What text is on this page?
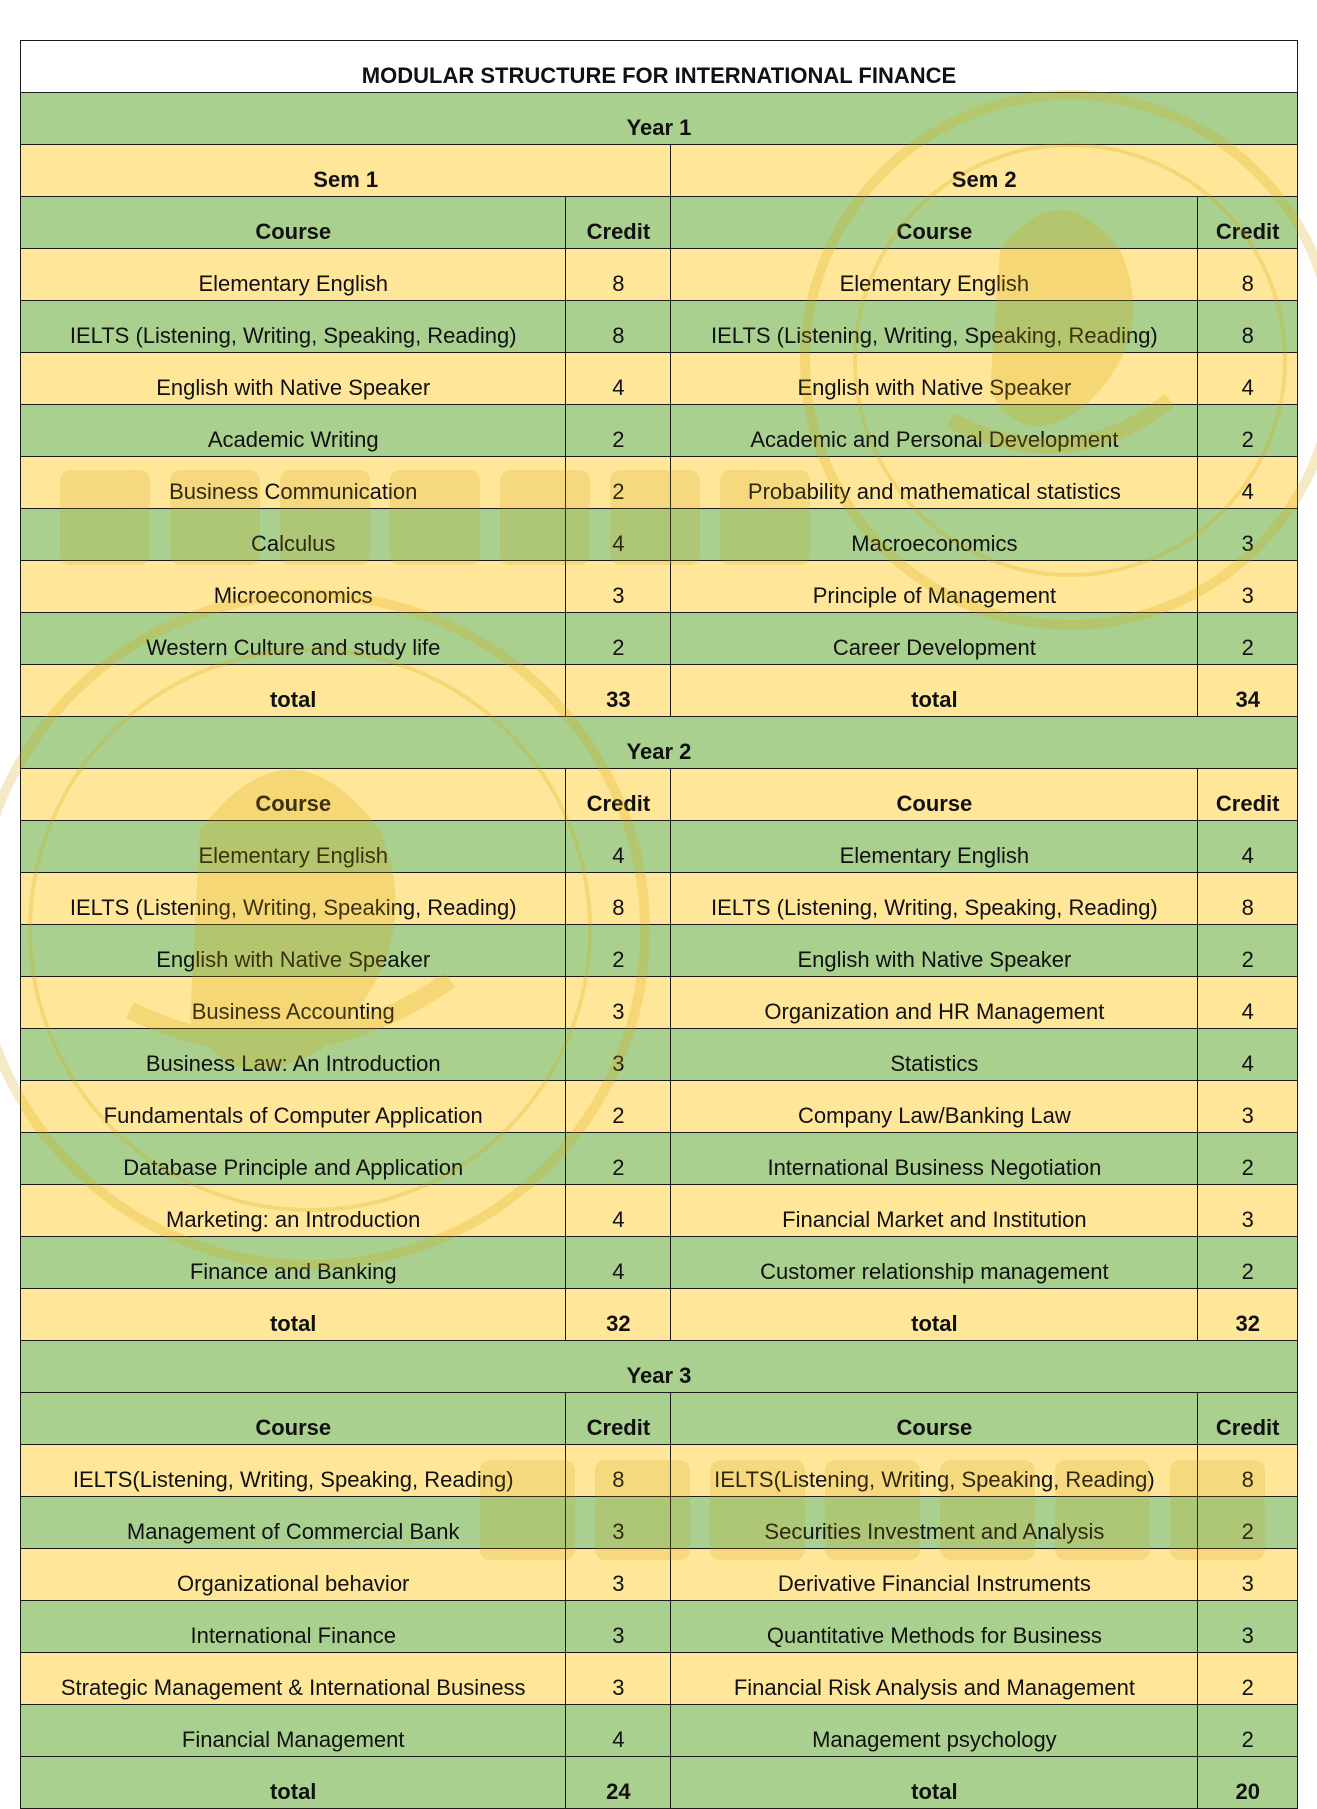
MODULAR STRUCTURE FOR INTERNATIONAL FINANCE			
Year 1			
Sem 1		Sem 2	
Course	Credit	Course	Credit
Elementary English	8	Elementary English	8
IELTS (Listening, Writing, Speaking, Reading)	8	IELTS (Listening, Writing, Speaking, Reading)	8
English with Native Speaker	4	English with Native Speaker	4
Academic Writing	2	Academic and Personal Development	2
Business Communication	2	Probability and mathematical statistics	4
Calculus	4	Macroeconomics	3
Microeconomics	3	Principle of Management	3
Western Culture and study life	2	Career Development	2
total	33	total	34
Year 2			
Course	Credit	Course	Credit
Elementary English	4	Elementary English	4
IELTS (Listening, Writing, Speaking, Reading)	8	IELTS (Listening, Writing, Speaking, Reading)	8
English with Native Speaker	2	English with Native Speaker	2
Business Accounting	3	Organization and HR Management	4
Business Law: An Introduction	3	Statistics	4
Fundamentals of Computer Application	2	Company Law/Banking Law	3
Database Principle and Application	2	International Business Negotiation	2
Marketing: an Introduction	4	Financial Market and Institution	3
Finance and Banking	4	Customer relationship management	2
total	32	total	32
Year 3			
Course	Credit	Course	Credit
IELTS(Listening, Writing, Speaking, Reading)	8	IELTS(Listening, Writing, Speaking, Reading)	8
Management of Commercial Bank	3	Securities Investment and Analysis	2
Organizational behavior	3	Derivative Financial Instruments	3
International Finance	3	Quantitative Methods for Business	3
Strategic Management & International Business	3	Financial Risk Analysis and Management	2
Financial Management	4	Management psychology	2
total	24	total	20
